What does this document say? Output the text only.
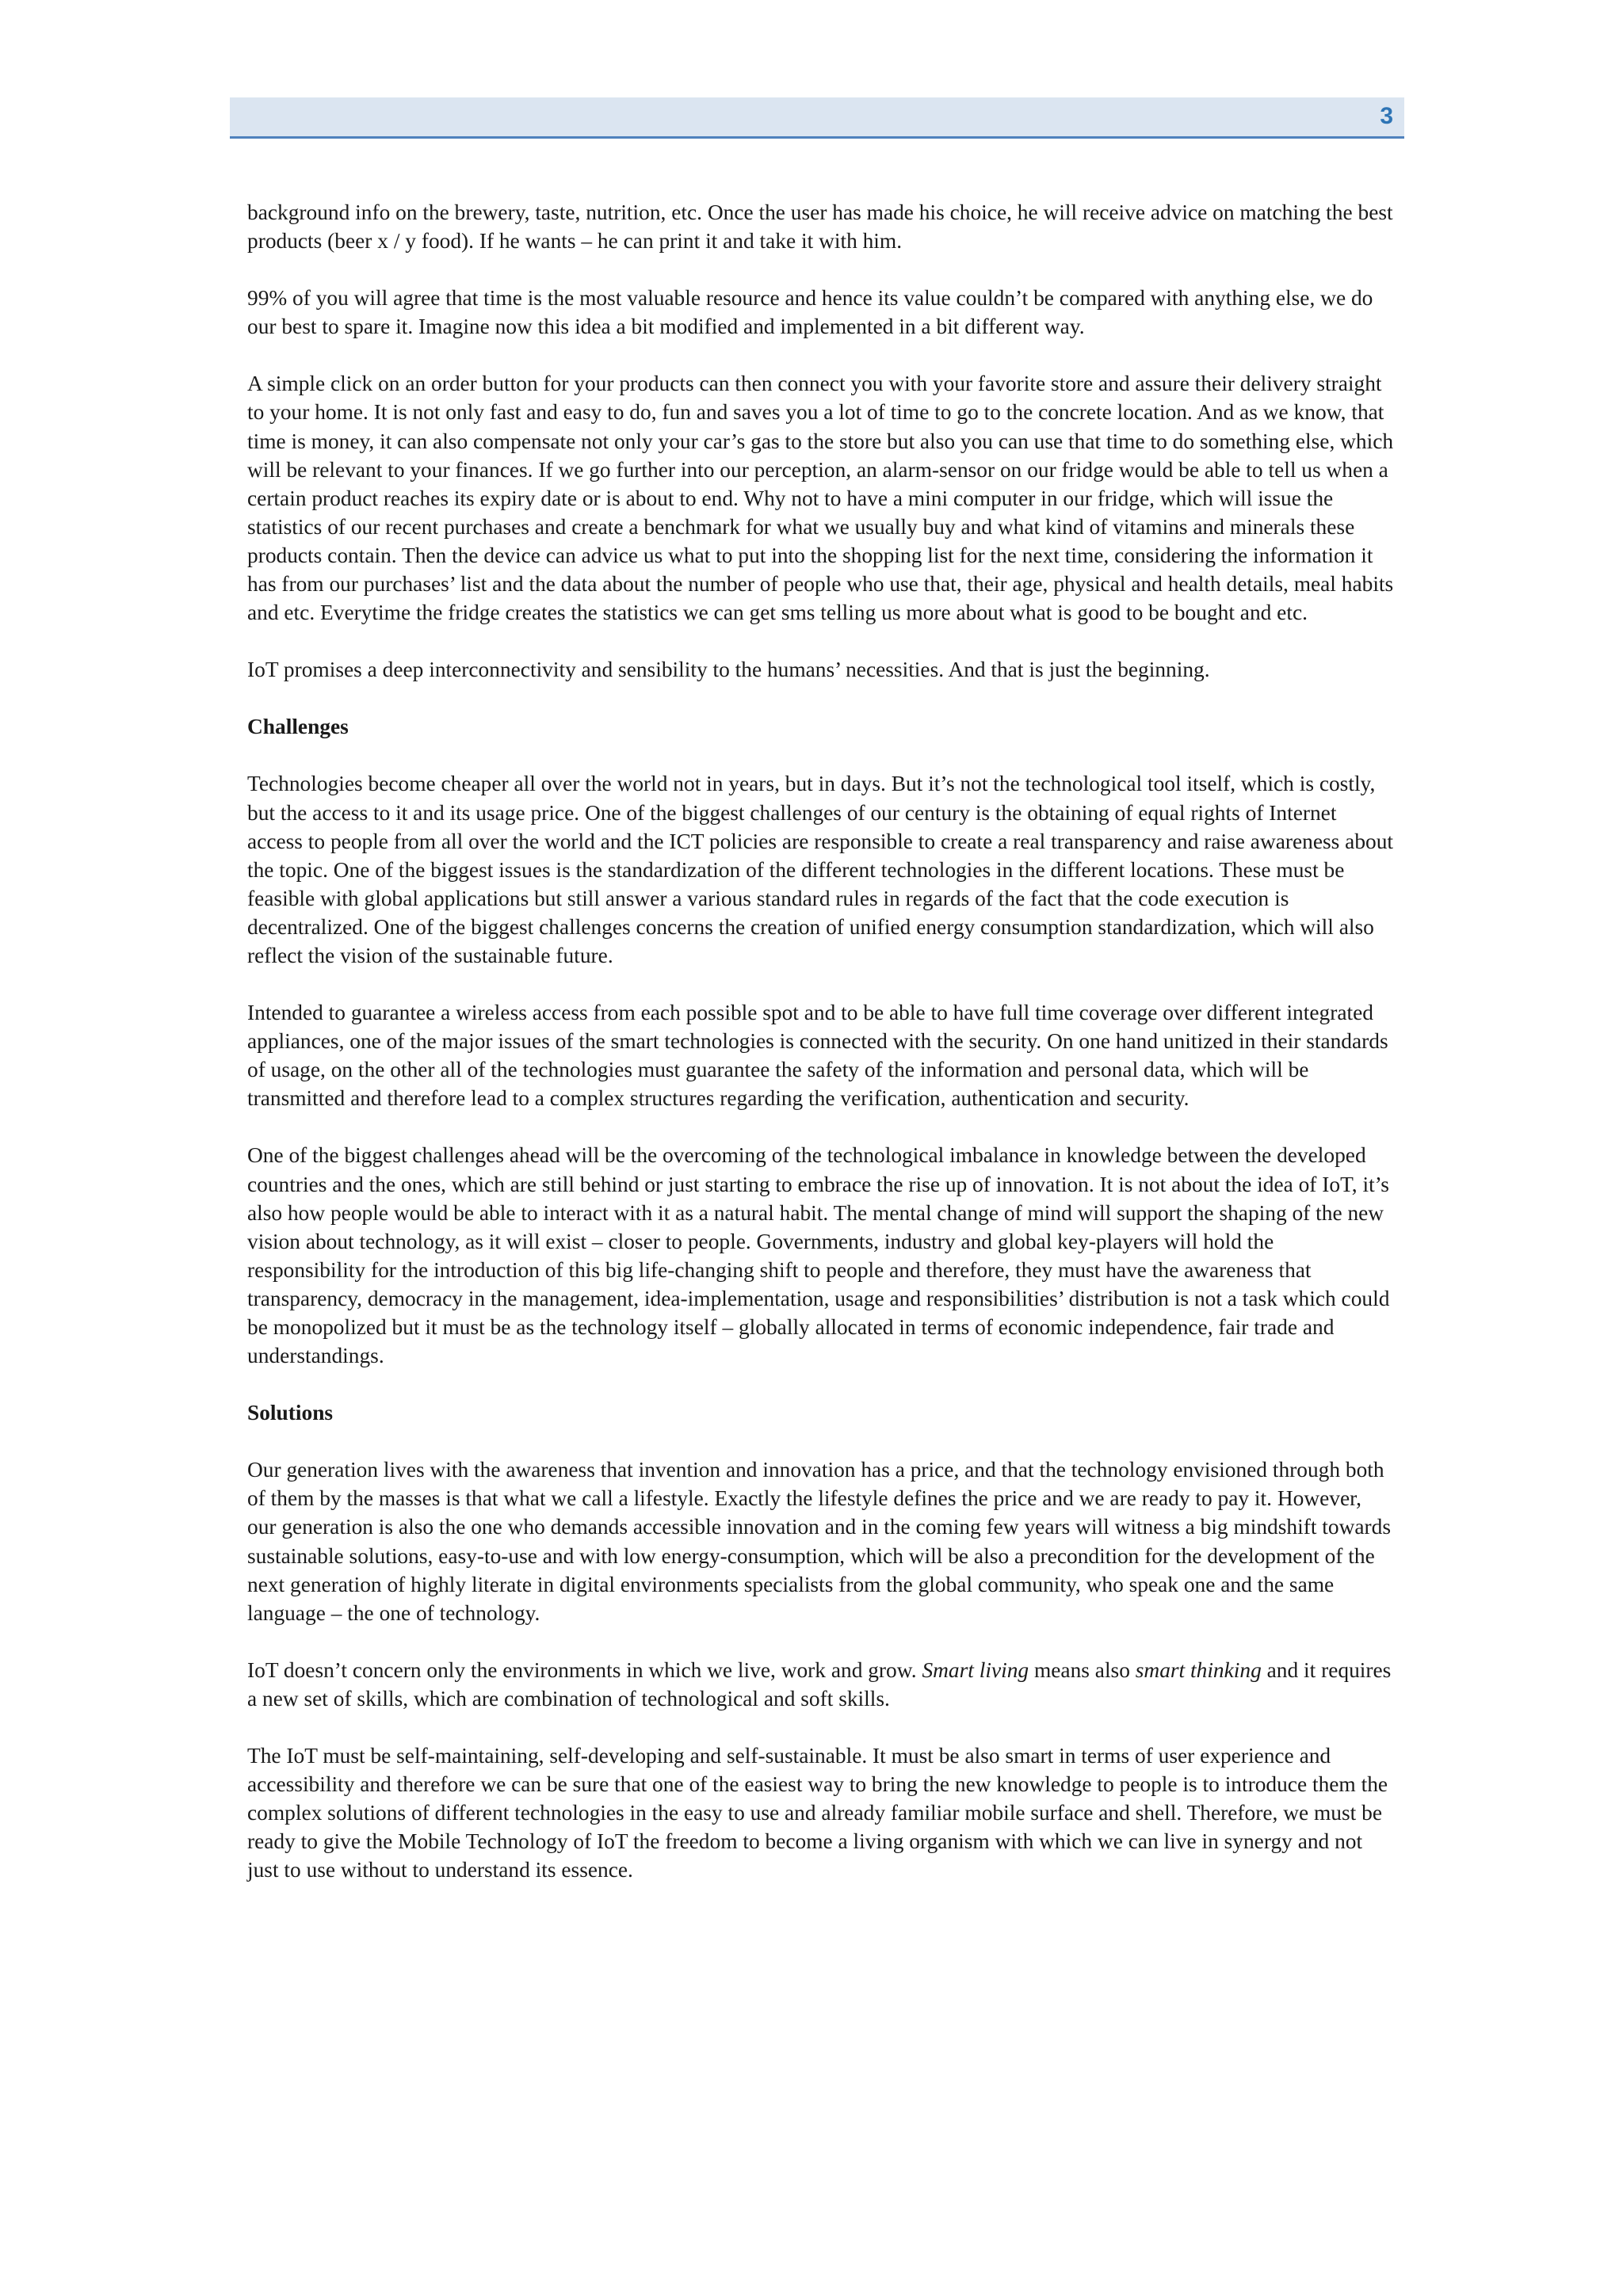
3

background info on the brewery, taste, nutrition, etc. Once the user has made his choice, he will receive advice on matching the best products (beer x / y food). If he wants – he can print it and take it with him.

99% of you will agree that time is the most valuable resource and hence its value couldn’t be compared with anything else, we do our best to spare it. Imagine now this idea a bit modified and implemented in a bit different way.

A simple click on an order button for your products can then connect you with your favorite store and assure their delivery straight to your home. It is not only fast and easy to do, fun and saves you a lot of time to go to the concrete location. And as we know, that time is money, it can also compensate not only your car’s gas to the store but also you can use that time to do something else, which will be relevant to your finances. If we go further into our perception, an alarm-sensor on our fridge would be able to tell us when a certain product reaches its expiry date or is about to end. Why not to have a mini computer in our fridge, which will issue the statistics of our recent purchases and create a benchmark for what we usually buy and what kind of vitamins and minerals these products contain. Then the device can advice us what to put into the shopping list for the next time, considering the information it has from our purchases’ list and the data about the number of people who use that, their age, physical and health details, meal habits and etc. Everytime the fridge creates the statistics we can get sms telling us more about what is good to be bought and etc.

IoT promises a deep interconnectivity and sensibility to the humans’ necessities. And that is just the beginning.

Challenges

Technologies become cheaper all over the world not in years, but in days. But it’s not the technological tool itself, which is costly, but the access to it and its usage price. One of the biggest challenges of our century is the obtaining of equal rights of Internet access to people from all over the world and the ICT policies are responsible to create a real transparency and raise awareness about the topic. One of the biggest issues is the standardization of the different technologies in the different locations. These must be feasible with global applications but still answer a various standard rules in regards of the fact that the code execution is decentralized. One of the biggest challenges concerns the creation of unified energy consumption standardization, which will also reflect the vision of the sustainable future.

Intended to guarantee a wireless access from each possible spot and to be able to have full time coverage over different integrated appliances, one of the major issues of the smart technologies is connected with the security. On one hand unitized in their standards of usage, on the other all of the technologies must guarantee the safety of the information and personal data, which will be transmitted and therefore lead to a complex structures regarding the verification, authentication and security.

One of the biggest challenges ahead will be the overcoming of the technological imbalance in knowledge between the developed countries and the ones, which are still behind or just starting to embrace the rise up of innovation. It is not about the idea of IoT, it’s also how people would be able to interact with it as a natural habit. The mental change of mind will support the shaping of the new vision about technology, as it will exist – closer to people. Governments, industry and global key-players will hold the responsibility for the introduction of this big life-changing shift to people and therefore, they must have the awareness that transparency, democracy in the management, idea-implementation, usage and responsibilities’ distribution is not a task which could be monopolized but it must be as the technology itself – globally allocated in terms of economic independence, fair trade and understandings.

Solutions

Our generation lives with the awareness that invention and innovation has a price, and that the technology envisioned through both of them by the masses is that what we call a lifestyle. Exactly the lifestyle defines the price and we are ready to pay it. However, our generation is also the one who demands accessible innovation and in the coming few years will witness a big mindshift towards sustainable solutions, easy-to-use and with low energy-consumption, which will be also a precondition for the development of the next generation of highly literate in digital environments specialists from the global community, who speak one and the same language – the one of technology.

IoT doesn’t concern only the environments in which we live, work and grow. Smart living means also smart thinking and it requires a new set of skills, which are combination of technological and soft skills.

The IoT must be self-maintaining, self-developing and self-sustainable. It must be also smart in terms of user experience and accessibility and therefore we can be sure that one of the easiest way to bring the new knowledge to people is to introduce them the complex solutions of different technologies in the easy to use and already familiar mobile surface and shell. Therefore, we must be ready to give the Mobile Technology of IoT the freedom to become a living organism with which we can live in synergy and not just to use without to understand its essence.
